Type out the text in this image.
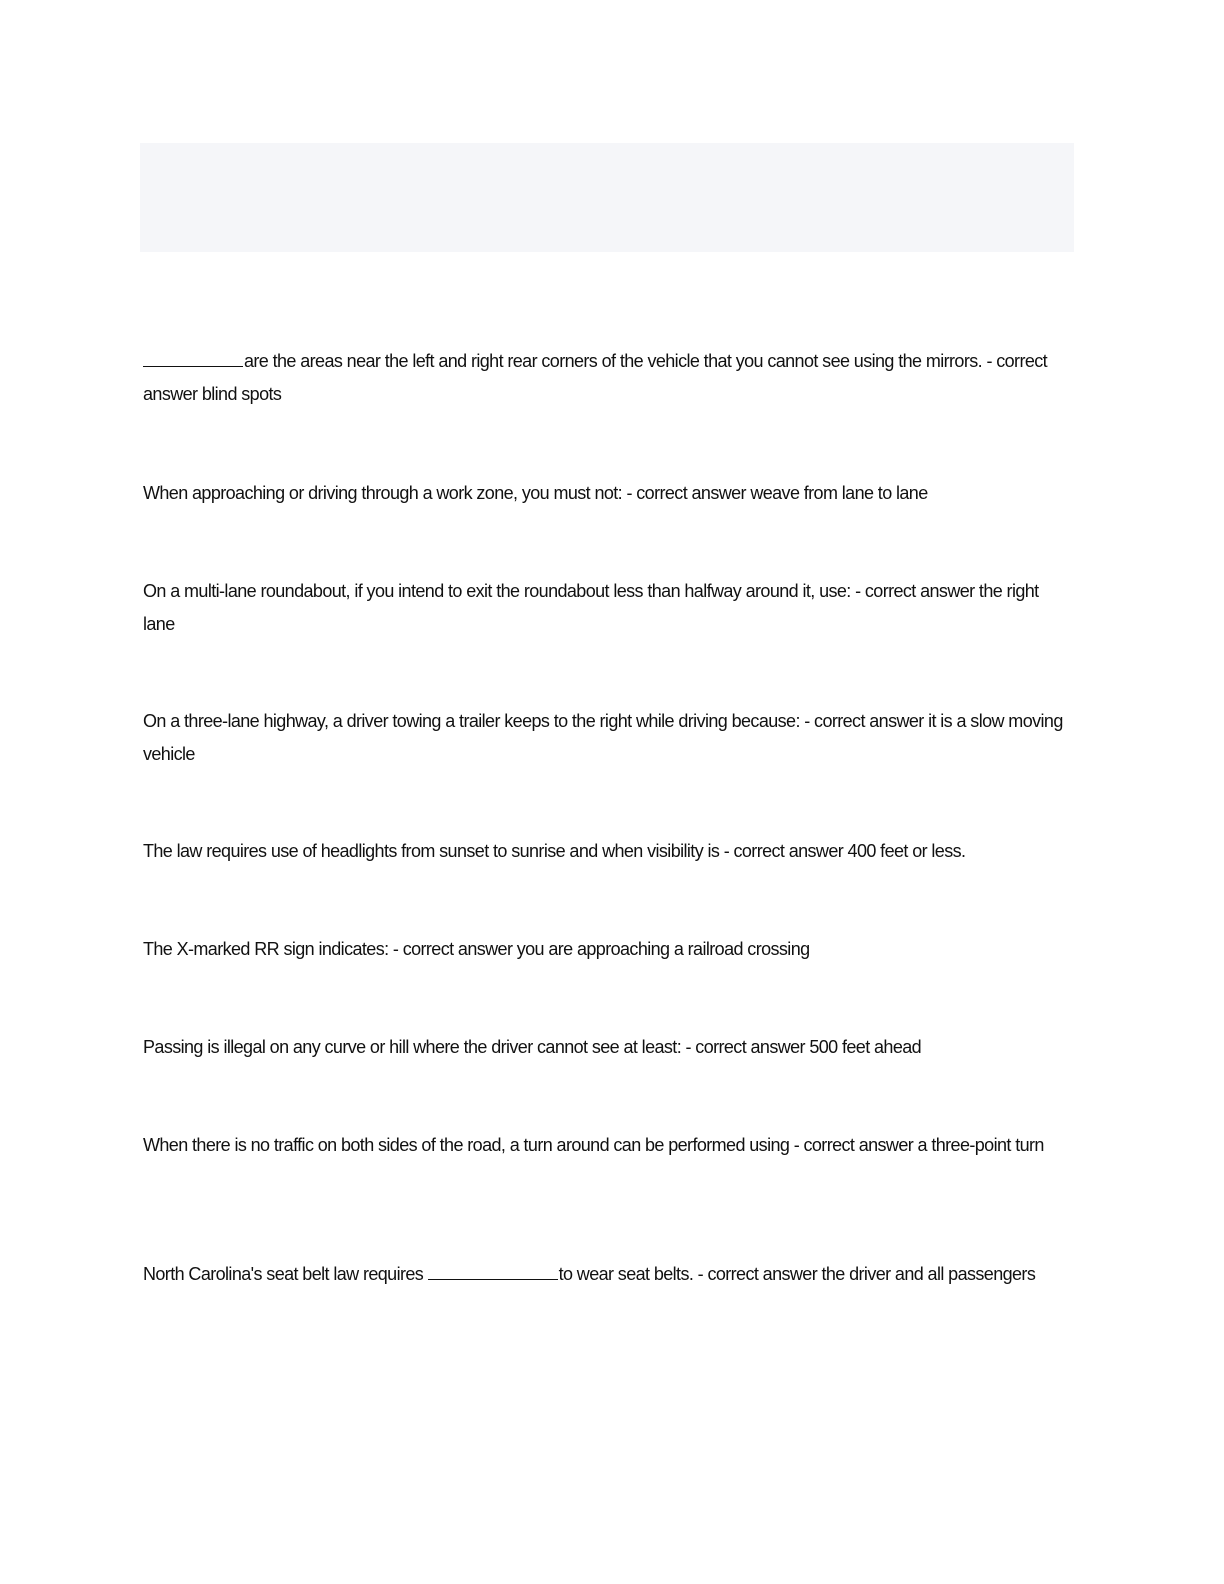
are the areas near the left and right rear corners of the vehicle that you cannot see using the mirrors. - correct answer blind spots
When approaching or driving through a work zone, you must not: - correct answer weave from lane to lane
On a multi-lane roundabout, if you intend to exit the roundabout less than halfway around it, use: - correct answer the right lane
On a three-lane highway, a driver towing a trailer keeps to the right while driving because: - correct answer it is a slow moving vehicle
The law requires use of headlights from sunset to sunrise and when visibility is - correct answer 400 feet or less.
The X-marked RR sign indicates: - correct answer you are approaching a railroad crossing
Passing is illegal on any curve or hill where the driver cannot see at least: - correct answer 500 feet ahead
When there is no traffic on both sides of the road, a turn around can be performed using - correct answer a three-point turn
North Carolina's seat belt law requires	to wear seat belts. - correct answer the driver and all passengers
